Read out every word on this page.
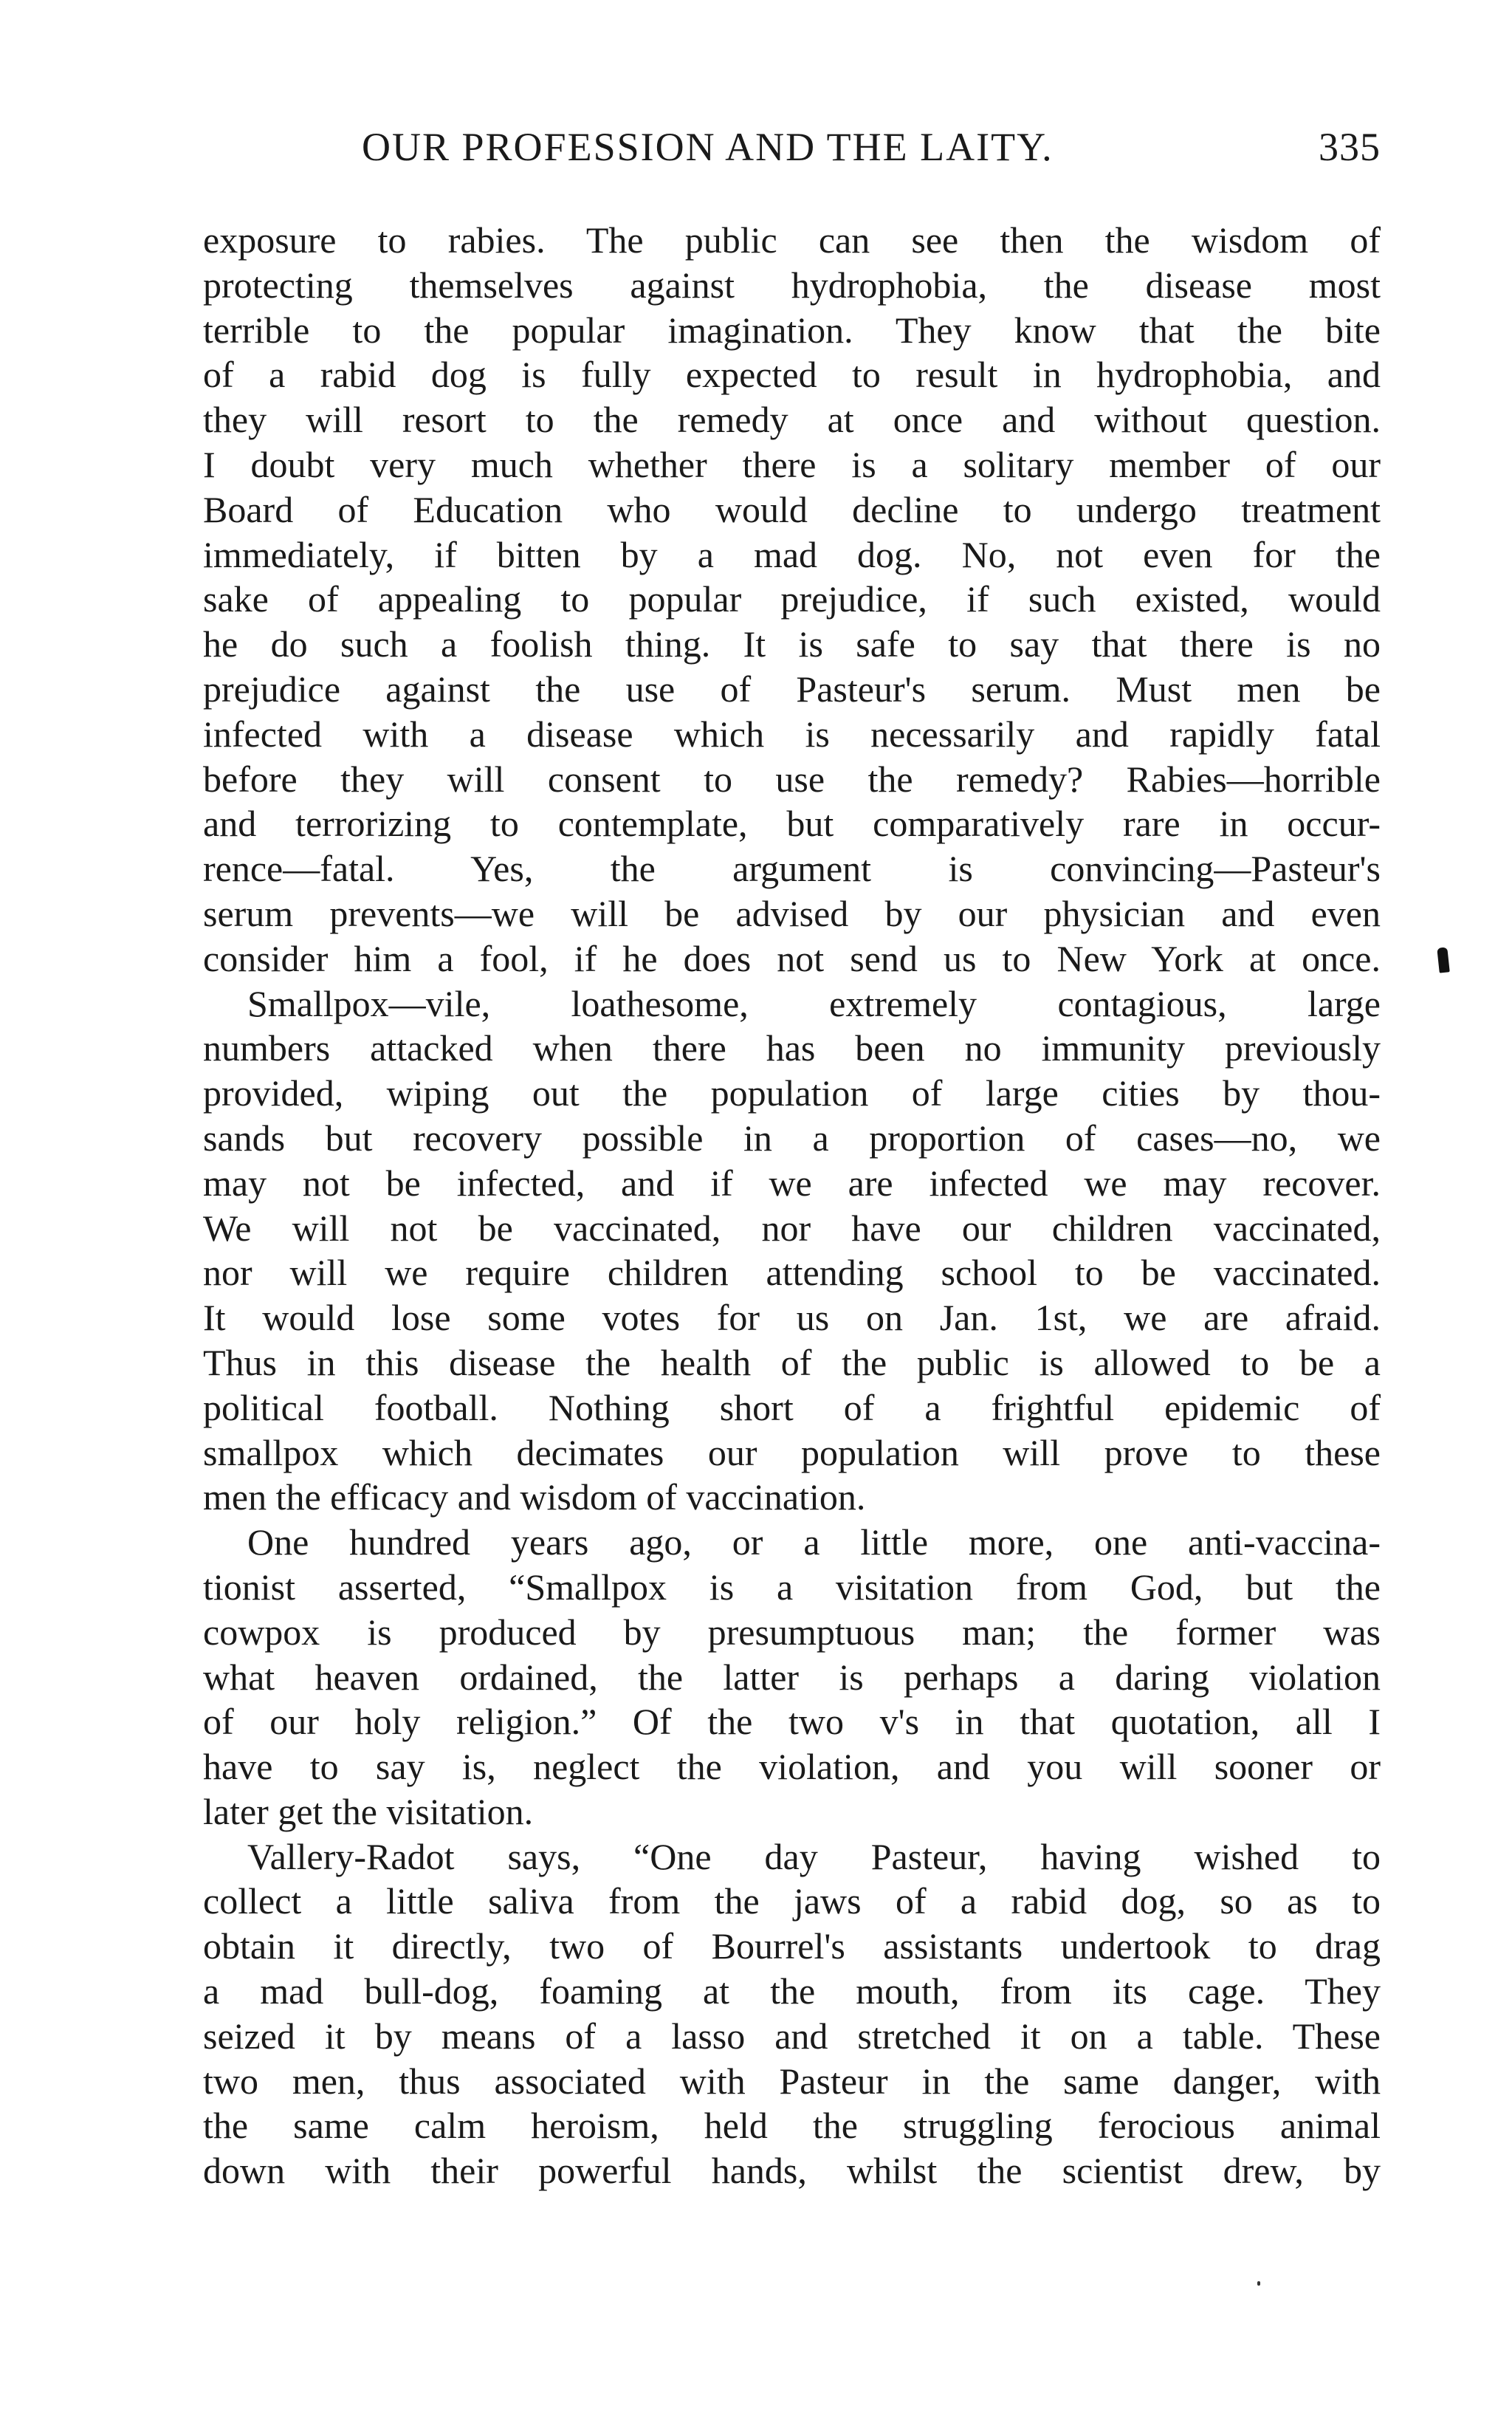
OUR PROFESSION AND THE LAITY.	335
exposure to rabies. The public can see then the wisdom of
protecting themselves against hydrophobia, the disease most
terrible to the popular imagination. They know that the bite
of a rabid dog is fully expected to result in hydrophobia, and
they will resort to the remedy at once and without question.
I doubt very much whether there is a solitary member of our
Board of Education who would decline to undergo treatment
immediately, if bitten by a mad dog. No, not even for the
sake of appealing to popular prejudice, if such existed, would
he do such a foolish thing. It is safe to say that there is no
prejudice against the use of Pasteur's serum. Must men be
infected with a disease which is necessarily and rapidly fatal
before they will consent to use the remedy? Rabies—horrible
and terrorizing to contemplate, but comparatively rare in occur-
rence—fatal. Yes, the argument is convincing—Pasteur's
serum prevents—we will be advised by our physician and even
consider him a fool, if he does not send us to New York at once.
Smallpox—vile, loathesome, extremely contagious, large
numbers attacked when there has been no immunity previously
provided, wiping out the population of large cities by thou-
sands but recovery possible in a proportion of cases—no, we
may not be infected, and if we are infected we may recover.
We will not be vaccinated, nor have our children vaccinated,
nor will we require children attending school to be vaccinated.
It would lose some votes for us on Jan. 1st, we are afraid.
Thus in this disease the health of the public is allowed to be a
political football. Nothing short of a frightful epidemic of
smallpox which decimates our population will prove to these
men the efficacy and wisdom of vaccination.
One hundred years ago, or a little more, one anti-vaccina-
tionist asserted, “Smallpox is a visitation from God, but the
cowpox is produced by presumptuous man; the former was
what heaven ordained, the latter is perhaps a daring violation
of our holy religion.” Of the two v's in that quotation, all I
have to say is, neglect the violation, and you will sooner or
later get the visitation.
Vallery-Radot says, “One day Pasteur, having wished to
collect a little saliva from the jaws of a rabid dog, so as to
obtain it directly, two of Bourrel's assistants undertook to drag
a mad bull-dog, foaming at the mouth, from its cage. They
seized it by means of a lasso and stretched it on a table. These
two men, thus associated with Pasteur in the same danger, with
the same calm heroism, held the struggling ferocious animal
down with their powerful hands, whilst the scientist drew, by
